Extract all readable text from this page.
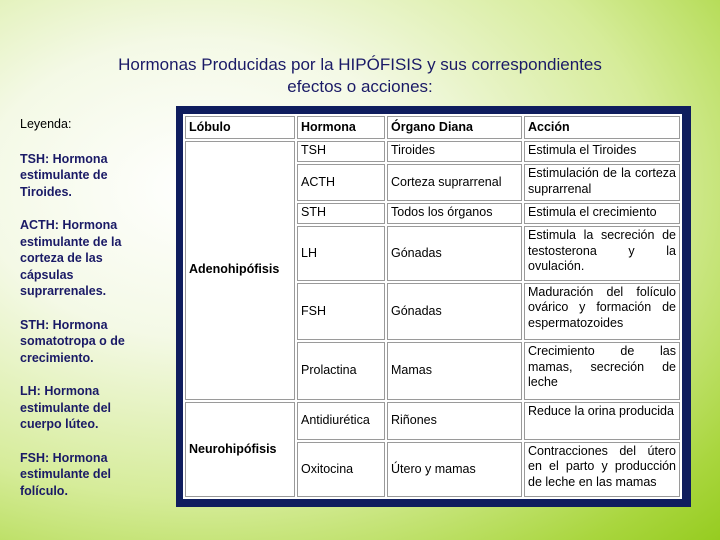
Hormonas Producidas por la HIPÓFISIS y sus correspondientes
efectos o acciones:
Leyenda:
TSH: Hormona estimulante de Tiroides.
ACTH: Hormona estimulante de la corteza de las cápsulas suprarrenales.
STH: Hormona somatotropa o de crecimiento.
LH: Hormona estimulante del cuerpo lúteo.
FSH: Hormona estimulante del folículo.
Lóbulo	Hormona	Órgano Diana	Acción
Adenohipófisis	TSH	Tiroides	Estimula el Tiroides
	ACTH	Corteza suprarrenal	Estimulación de la corteza suprarrenal
	STH	Todos los órganos	Estimula el crecimiento
	LH	Gónadas	Estimula la secreción de testosterona y la ovulación.
	FSH	Gónadas	Maduración del folículo ovárico y formación de espermatozoides
	Prolactina	Mamas	Crecimiento de las mamas, secreción de leche
Neurohipófisis	Antidiurética	Riñones	Reduce la orina producida
	Oxitocina	Útero y mamas	Contracciones del útero en el parto y producción de leche en las mamas
